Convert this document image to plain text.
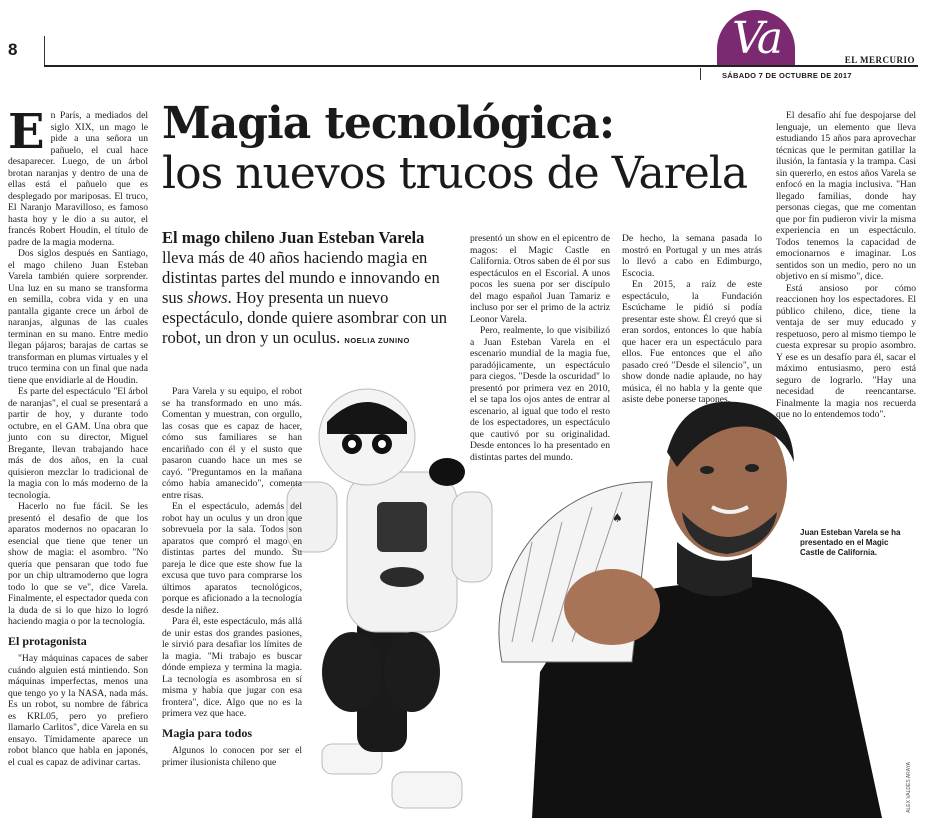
8	Va	EL MERCURIO
SÁBADO 7 DE OCTUBRE DE 2017

En París, a mediados del siglo XIX, un mago le pide a una señora un pañuelo, el cual hace desaparecer. Luego, de un árbol brotan naranjas y dentro de una de ellas está el pañuelo que es desplegado por mariposas. El truco, El Naranjo Maravilloso, es famoso hasta hoy y le dio a su autor, el francés Robert Houdin, el título de padre de la magia moderna.

Dos siglos después en Santiago, el mago chileno Juan Esteban Varela también quiere sorprender. Una luz en su mano se transforma en semilla, cobra vida y en una pantalla gigante crece un árbol de naranjas, algunas de las cuales terminan en su mano. Entre medio llegan pájaros; barajas de cartas se transforman en plumas virtuales y el truco termina con un final que nada tiene que envidiarle al de Houdin.

Es parte del espectáculo "El árbol de naranjas", el cual se presentará a partir de hoy, y durante todo octubre, en el GAM. Una obra que junto con su director, Miguel Bregante, llevan trabajando hace más de dos años, en la cual quisieron mezclar lo tradicional de la magia con lo más moderno de la tecnología.

Hacerlo no fue fácil. Se les presentó el desafío de que los aparatos modernos no opacaran lo esencial que tiene que tener un show de magia: el asombro. "No quería que pensaran que todo fue por un chip ultramoderno que logra todo lo que se ve", dice Varela. Finalmente, el espectador queda con la duda de si lo que hizo lo logró haciendo magia o por la tecnología.

El protagonista

"Hay máquinas capaces de saber cuándo alguien está mintiendo. Son máquinas imperfectas, menos una que tengo yo y la NASA, nada más. Es un robot, su nombre de fábrica es KRL05, pero yo prefiero llamarlo Carlitos", dice Varela en su ensayo. Tímidamente aparece un robot blanco que habla en japonés, el cual es capaz de adivinar cartas.

Magia tecnológica:
los nuevos trucos de Varela
El mago chileno Juan Esteban Varela lleva más de 40 años haciendo magia en distintas partes del mundo e innovando en sus shows. Hoy presenta un nuevo espectáculo, donde quiere asombrar con un robot, un dron y un oculus. NOELIA ZUNINO
♠

Para Varela y su equipo, el robot se ha transformado en uno más. Comentan y muestran, con orgullo, las cosas que es capaz de hacer, cómo sus familiares se han encariñado con él y el susto que pasaron cuando hace un mes se cayó. "Preguntamos en la mañana cómo había amanecido", comenta entre risas.

En el espectáculo, además del robot hay un oculus y un dron que sobrevuela por la sala. Todos son aparatos que compró el mago en distintas partes del mundo. Su pareja le dice que este show fue la excusa que tuvo para comprarse los últimos aparatos tecnológicos, porque es aficionado a la tecnología desde la niñez.

Para él, este espectáculo, más allá de unir estas dos grandes pasiones, le sirvió para desafiar los límites de la magia. "Mi trabajo es buscar dónde empieza y termina la magia. La tecnología es asombrosa en sí misma y había que jugar con esa frontera", dice. Algo que no es la primera vez que hace.

Magia para todos

Algunos lo conocen por ser el primer ilusionista chileno que

presentó un show en el epicentro de magos: el Magic Castle en California. Otros saben de él por sus espectáculos en el Escorial. A unos pocos les suena por ser discípulo del mago español Juan Tamariz e incluso por ser el primo de la actriz Leonor Varela.

Pero, realmente, lo que visibilizó a Juan Esteban Varela en el escenario mundial de la magia fue, paradójicamente, un espectáculo para ciegos. "Desde la oscuridad" lo presentó por primera vez en 2010, el se tapa los ojos antes de entrar al escenario, al igual que todo el resto de los espectadores, un espectáculo que cautivó por su originalidad. Desde entonces lo ha presentado en distintas partes del mundo.

De hecho, la semana pasada lo mostró en Portugal y un mes atrás lo llevó a cabo en Edimburgo, Escocia.

En 2015, a raíz de este espectáculo, la Fundación Escúchame le pidió si podía presentar este show. Él creyó que si eran sordos, entonces lo que había que hacer era un espectáculo para ellos. Fue entonces que el año pasado creó "Desde el silencio", un show donde nadie aplaude, no hay música, él no habla y la gente que asiste debe ponerse tapones.

El desafío ahí fue despojarse del lenguaje, un elemento que lleva estudiando 15 años para aprovechar técnicas que le permitan gatillar la ilusión, la fantasía y la trampa. Casi sin quererlo, en estos años Varela se enfocó en la magia inclusiva. "Han llegado familias, donde hay personas ciegas, que me comentan que por fin pudieron vivir la misma experiencia en un espectáculo. Todos tenemos la capacidad de emocionarnos e imaginar. Los sentidos son un medio, pero no un objetivo en sí mismo", dice.

Está ansioso por cómo reaccionen hoy los espectadores. El público chileno, dice, tiene la ventaja de ser muy educado y respetuoso, pero al mismo tiempo le cuesta expresar su propio asombro. Y ese es un desafío para él, sacar el máximo entusiasmo, pero está seguro de lograrlo. "Hay una necesidad de reencantarse. Finalmente la magia nos recuerda que no lo entendemos todo".

Juan Esteban Varela se ha presentado en el Magic Castle de California.
ALEX VALDÉS ARAYA
